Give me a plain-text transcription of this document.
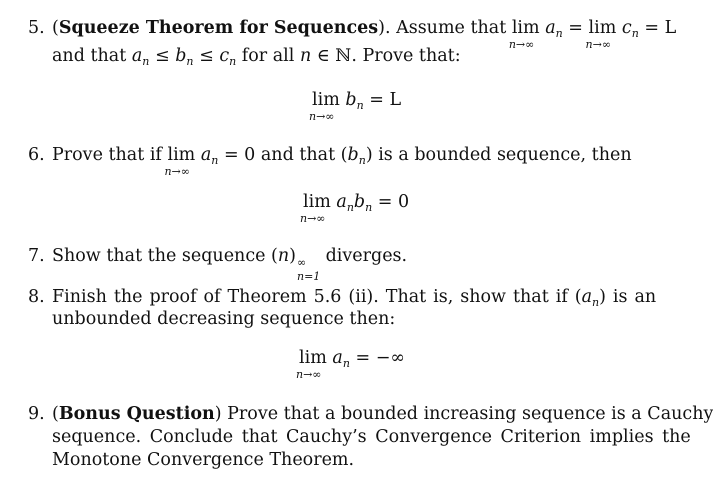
5. (Squeeze Theorem for Sequences). Assume that lim
n→∞
$a_n = \lim$
n→∞
$c_n = L$
and that $a_n \le b_n \le c_n$ for all n ∈ ℕ. Prove that:
lim
n→∞
$b_n = L$
6. Prove that if lim
n→∞
$a_n = 0$ and that $(b_n)$ is a bounded sequence, then
lim
n→∞
$a_nb_n = 0$
7. Show that the sequence (n) ∞
n=1
diverges.
8. Finish the proof of Theorem 5.6 (ii). That is, show that if $(a_n)$ is an
unbounded decreasing sequence then:
lim
n→∞
$a_n$ = −∞
9. (Bonus Question) Prove that a bounded increasing sequence is a Cauchy
sequence. Conclude that Cauchy’s Convergence Criterion implies the
Monotone Convergence Theorem.
